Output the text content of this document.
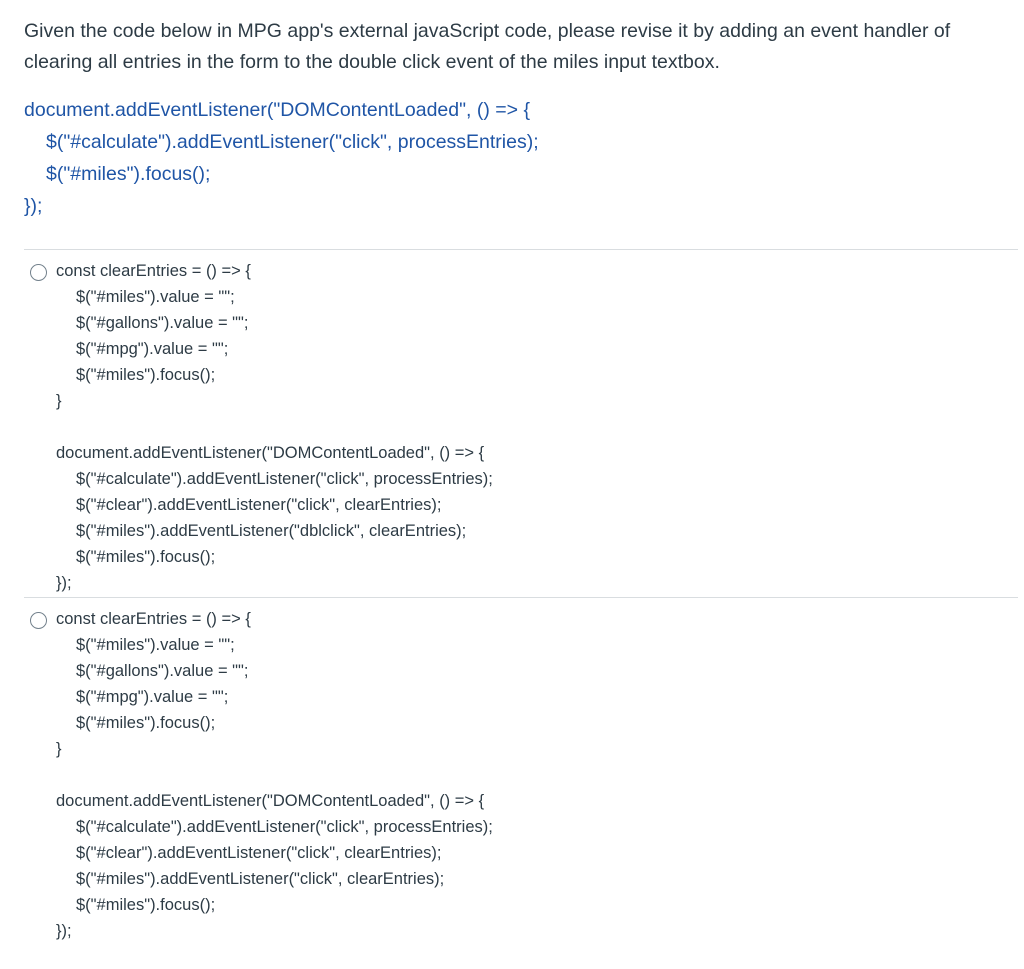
Given the code below in MPG app's external javaScript code, please revise it by adding an event handler of clearing all entries in the form to the double click event of the miles input textbox.
document.addEventListener("DOMContentLoaded", () => {
$("#calculate").addEventListener("click", processEntries);
$("#miles").focus();
});
const clearEntries = () => {
$("#miles").value = "";
$("#gallons").value = "";
$("#mpg").value = "";
$("#miles").focus();
}
document.addEventListener("DOMContentLoaded", () => {
$("#calculate").addEventListener("click", processEntries);
$("#clear").addEventListener("click", clearEntries);
$("#miles").addEventListener("dblclick", clearEntries);
$("#miles").focus();
});
const clearEntries = () => {
$("#miles").value = "";
$("#gallons").value = "";
$("#mpg").value = "";
$("#miles").focus();
}
document.addEventListener("DOMContentLoaded", () => {
$("#calculate").addEventListener("click", processEntries);
$("#clear").addEventListener("click", clearEntries);
$("#miles").addEventListener("click", clearEntries);
$("#miles").focus();
});
